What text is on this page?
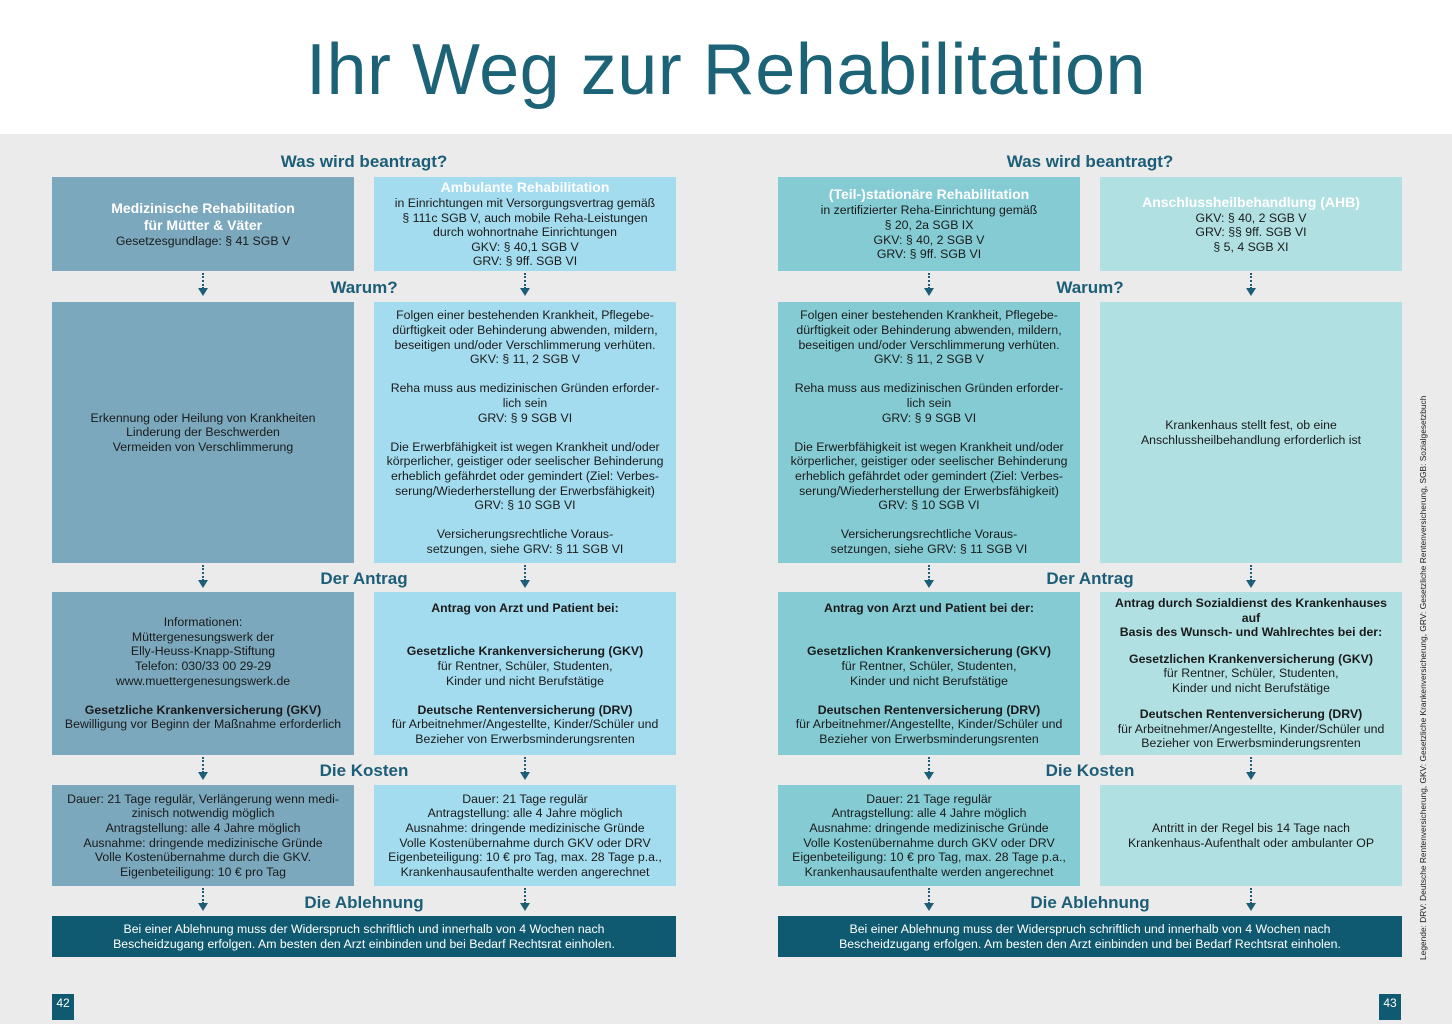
Ihr Weg zur Rehabilitation
Was wird beantragt?
Warum?
Der Antrag
Die Kosten
Die Ablehnung
Was wird beantragt?
Warum?
Der Antrag
Die Kosten
Die Ablehnung

Medizinische Rehabilitation

für Mütter & Väter

Gesetzesgundlage: § 41 SGB V

Erkennung oder Heilung von Krankheiten

Linderung der Beschwerden

Vermeiden von Verschlimmerung

Informationen:

Müttergenesungswerk der

Elly-Heuss-Knapp-Stiftung

Telefon: 030/33 00 29-29

www.muettergenesungswerk.de

Gesetzliche Krankenversicherung (GKV)

Bewilligung vor Beginn der Maßnahme erforderlich

Dauer: 21 Tage regulär, Verlängerung wenn medi-

zinisch notwendig möglich

Antragstellung: alle 4 Jahre möglich

Ausnahme: dringende medizinische Gründe

Volle Kostenübernahme durch die GKV.

Eigenbeteiligung: 10 € pro Tag

Ambulante Rehabilitation

in Einrichtungen mit Versorgungsvertrag gemäß

§ 111c SGB V, auch mobile Reha-Leistungen

durch wohnortnahe Einrichtungen

GKV: § 40,1 SGB V

GRV: § 9ff. SGB VI

Folgen einer bestehenden Krankheit, Pflegebe-

dürftigkeit oder Behinderung abwenden, mildern,

beseitigen und/oder Verschlimmerung verhüten.

GKV: § 11, 2 SGB V

Reha muss aus medizinischen Gründen erforder-

lich sein

GRV: § 9 SGB VI

Die Erwerbfähigkeit ist wegen Krankheit und/oder

körperlicher, geistiger oder seelischer Behinderung

erheblich gefährdet oder gemindert (Ziel: Verbes-

serung/Wiederherstellung der Erwerbsfähigkeit)

GRV: § 10 SGB VI

Versicherungsrechtliche Voraus-

setzungen, siehe GRV: § 11 SGB VI

Antrag von Arzt und Patient bei:

Gesetzliche Krankenversicherung (GKV)

für Rentner, Schüler, Studenten,

Kinder und nicht Berufstätige

Deutsche Rentenversicherung (DRV)

für Arbeitnehmer/Angestellte, Kinder/Schüler und

Bezieher von Erwerbsminderungsrenten

Dauer: 21 Tage regulär

Antragstellung: alle 4 Jahre möglich

Ausnahme: dringende medizinische Gründe

Volle Kostenübernahme durch GKV oder DRV

Eigenbeteiligung: 10 € pro Tag, max. 28 Tage p.a.,

Krankenhausaufenthalte werden angerechnet

(Teil-)stationäre Rehabilitation

in zertifizierter Reha-Einrichtung gemäß

§ 20, 2a SGB IX

GKV: § 40, 2 SGB V

GRV: § 9ff. SGB VI

Folgen einer bestehenden Krankheit, Pflegebe-

dürftigkeit oder Behinderung abwenden, mildern,

beseitigen und/oder Verschlimmerung verhüten.

GKV: § 11, 2 SGB V

Reha muss aus medizinischen Gründen erforder-

lich sein

GRV: § 9 SGB VI

Die Erwerbfähigkeit ist wegen Krankheit und/oder

körperlicher, geistiger oder seelischer Behinderung

erheblich gefährdet oder gemindert (Ziel: Verbes-

serung/Wiederherstellung der Erwerbsfähigkeit)

GRV: § 10 SGB VI

Versicherungsrechtliche Voraus-

setzungen, siehe GRV: § 11 SGB VI

Antrag von Arzt und Patient bei der:

Gesetzlichen Krankenversicherung (GKV)

für Rentner, Schüler, Studenten,

Kinder und nicht Berufstätige

Deutschen Rentenversicherung (DRV)

für Arbeitnehmer/Angestellte, Kinder/Schüler und

Bezieher von Erwerbsminderungsrenten

Dauer: 21 Tage regulär

Antragstellung: alle 4 Jahre möglich

Ausnahme: dringende medizinische Gründe

Volle Kostenübernahme durch GKV oder DRV

Eigenbeteiligung: 10 € pro Tag, max. 28 Tage p.a.,

Krankenhausaufenthalte werden angerechnet

Anschlussheilbehandlung (AHB)

GKV: § 40, 2 SGB V

GRV: §§ 9ff. SGB VI

§ 5, 4 SGB XI

Krankenhaus stellt fest, ob eine

Anschlussheilbehandlung erforderlich ist

Antrag durch Sozialdienst des Krankenhauses auf

Basis des Wunsch- und Wahlrechtes bei der:

Gesetzlichen Krankenversicherung (GKV)

für Rentner, Schüler, Studenten,

Kinder und nicht Berufstätige

Deutschen Rentenversicherung (DRV)

für Arbeitnehmer/Angestellte, Kinder/Schüler und

Bezieher von Erwerbsminderungsrenten

Antritt in der Regel bis 14 Tage nach

Krankenhaus-Aufenthalt oder ambulanter OP

Bei einer Ablehnung muss der Widerspruch schriftlich und innerhalb von 4 Wochen nach

Bescheidzugang erfolgen. Am besten den Arzt einbinden und bei Bedarf Rechtsrat einholen.

Bei einer Ablehnung muss der Widerspruch schriftlich und innerhalb von 4 Wochen nach

Bescheidzugang erfolgen. Am besten den Arzt einbinden und bei Bedarf Rechtsrat einholen.	Legende: DRV: Deutsche Rentenversicherung, GKV: Gesetzliche Krankenversicherung, GRV: Gesetzliche Rentenversicherung, SGB: Sozialgesetzbuch
42	43
